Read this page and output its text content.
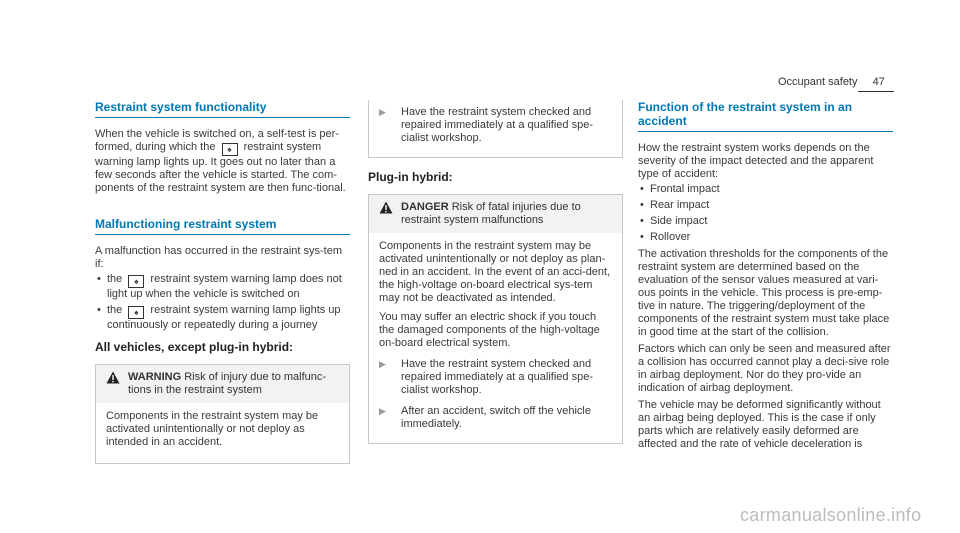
Occupant safety 47
Restraint system functionality

When the vehicle is switched on, a self-test is per-formed, during which the ♠ restraint system warning lamp lights up. It goes out no later than a few seconds after the vehicle is started. The com-ponents of the restraint system are then func-tional.

Malfunctioning restraint system

A malfunction has occurred in the restraint sys-tem if:

• the ♠ restraint system warning lamp does not light up when the vehicle is switched on
• the ♠ restraint system warning lamp lights up continuously or repeatedly during a journey
All vehicles, except plug-in hybrid:
WARNING Risk of injury due to malfunc-tions in the restraint system

Components in the restraint system may be activated unintentionally or not deploy as intended in an accident.

▶ Have the restraint system checked and repaired immediately at a qualified spe-cialist workshop.
Plug-in hybrid:
DANGER Risk of fatal injuries due to restraint system malfunctions

Components in the restraint system may be activated unintentionally or not deploy as plan-ned in an accident. In the event of an acci-dent, the high-voltage on-board electrical sys-tem may not be deactivated as intended.

You may suffer an electric shock if you touch the damaged components of the high-voltage on-board electrical system.

▶ Have the restraint system checked and repaired immediately at a qualified spe-cialist workshop.
▶ After an accident, switch off the vehicle immediately.
Function of the restraint system in an accident

How the restraint system works depends on the severity of the impact detected and the apparent type of accident:

• Frontal impact
• Rear impact
• Side impact
• Rollover

The activation thresholds for the components of the restraint system are determined based on the evaluation of the sensor values measured at vari-ous points in the vehicle. This process is pre-emp-tive in nature. The triggering/deployment of the components of the restraint system must take place in good time at the start of the collision.

Factors which can only be seen and measured after a collision has occurred cannot play a deci-sive role in airbag deployment. Nor do they pro-vide an indication of airbag deployment.

The vehicle may be deformed significantly without an airbag being deployed. This is the case if only parts which are relatively easily deformed are affected and the rate of vehicle deceleration is

carmanualsonline.info
